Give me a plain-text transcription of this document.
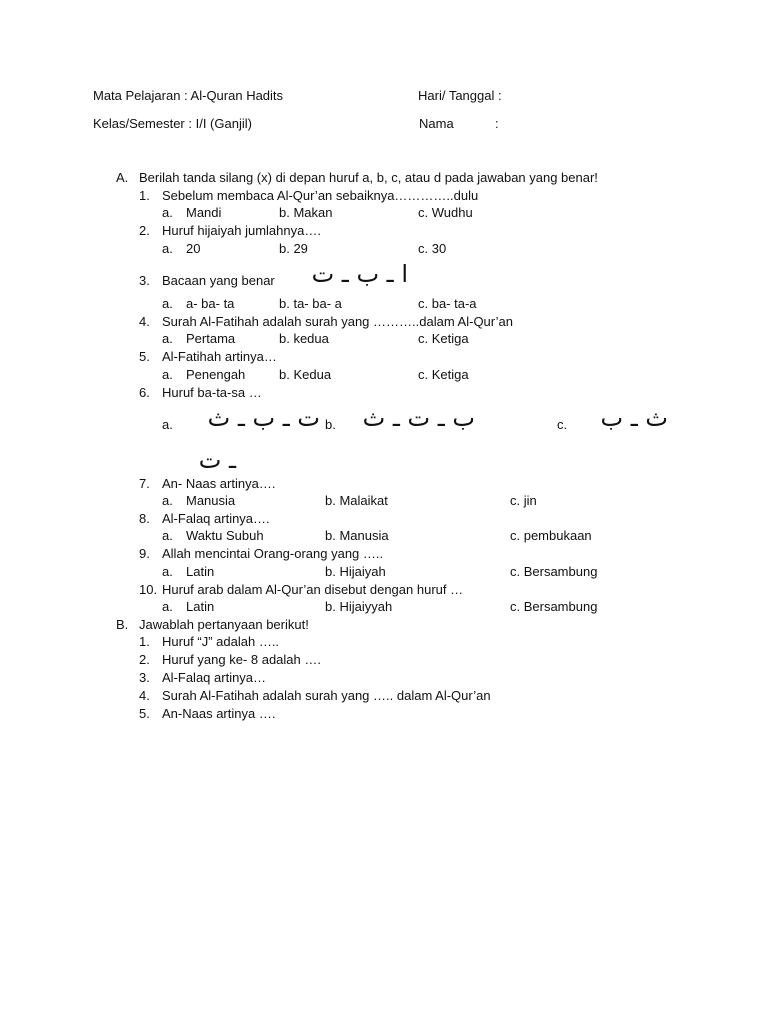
Mata Pelajaran : Al-Quran Hadits	Hari/ Tanggal :
Kelas/Semester : I/I (Ganjil)	Nama	:
A. Berilah tanda silang (x) di depan huruf a, b, c, atau d pada jawaban yang benar!
1. Sebelum membaca Al-Qur’an sebaiknya…………..dulu
a. Mandi	b. Makan	c. Wudhu
2. Huruf hijaiyah jumlahnya….
a. 20	b. 29	c. 30
3. Bacaan yang benar	ا ـ ب ـ ت
a. a- ba- ta	b. ta- ba- a	c. ba- ta-a
4. Surah Al-Fatihah adalah surah yang ………..dalam Al-Qur’an
a. Pertama	b. kedua	c. Ketiga
5. Al-Fatihah artinya…
a. Penengah	b. Kedua	c. Ketiga
6. Huruf ba-ta-sa …
a.	ت ـ ب ـ ث b.	ب ـ ت ـ ث	c.	ث ـ ب
ـ ت
7. An- Naas artinya….
a. Manusia	b. Malaikat	c. jin
8. Al-Falaq artinya….
a. Waktu Subuh	b. Manusia	c. pembukaan
9. Allah mencintai Orang-orang yang …..
a. Latin	b. Hijaiyah	c. Bersambung
10. Huruf arab dalam Al-Qur’an disebut dengan huruf …
a. Latin	b. Hijaiyyah	c. Bersambung
B. Jawablah pertanyaan berikut!
1. Huruf “J” adalah …..
2. Huruf yang ke- 8 adalah ….
3. Al-Falaq artinya…
4. Surah Al-Fatihah adalah surah yang ….. dalam Al-Qur’an
5. An-Naas artinya ….
